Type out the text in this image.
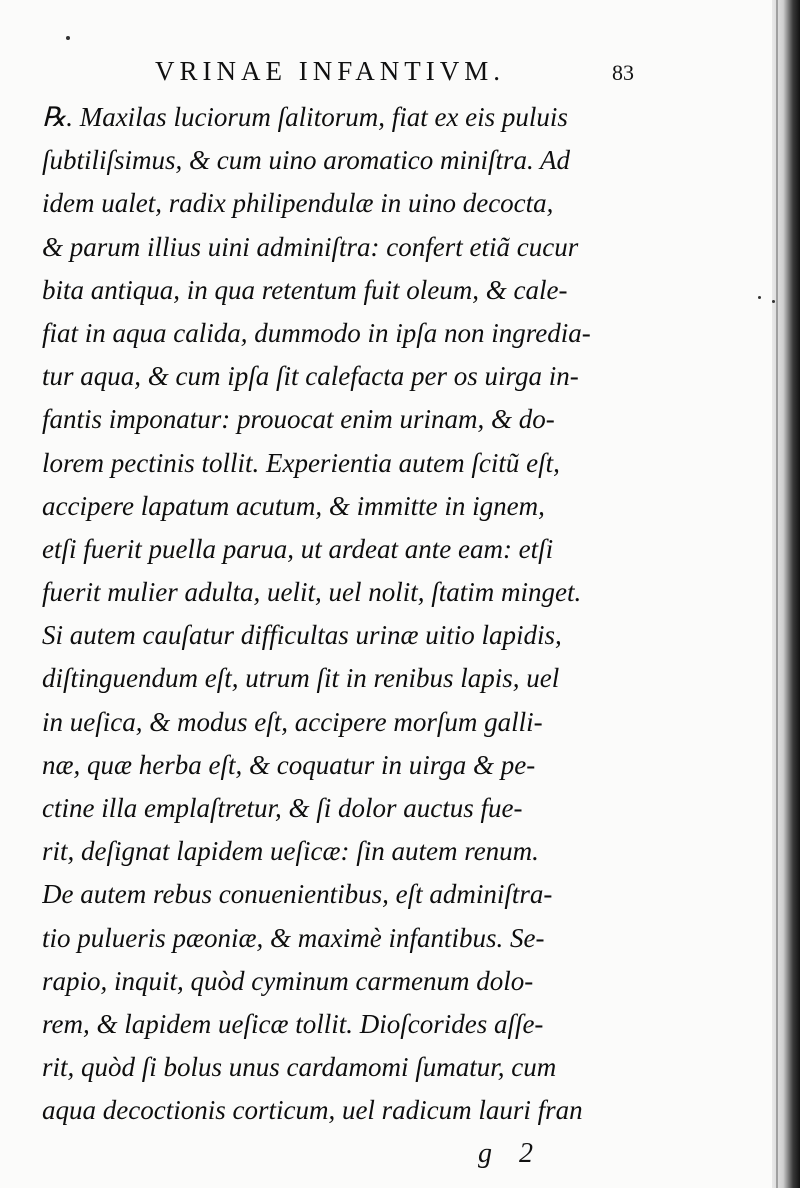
VRINAE INFANTIVM.	83
℞. Maxilas luciorum ſalitorum, fiat ex eis puluis
ſubtiliſsimus, & cum uino aromatico miniſtra. Ad
idem ualet, radix philipendulæ in uino decocta,
& parum illius uini adminiſtra: confert etiã cucur
bita antiqua, in qua retentum fuit oleum, & cale-
fiat in aqua calida, dummodo in ipſa non ingredia-
tur aqua, & cum ipſa ſit calefacta per os uirga in-
fantis imponatur: prouocat enim urinam, & do-
lorem pectinis tollit. Experientia autem ſcitũ eſt,
accipere lapatum acutum, & immitte in ignem,
etſi fuerit puella parua, ut ardeat ante eam: etſi
fuerit mulier adulta, uelit, uel nolit, ſtatim minget.
Si autem cauſatur difficultas urinæ uitio lapidis,
diſtinguendum eſt, utrum ſit in renibus lapis, uel
in ueſica, & modus eſt, accipere morſum galli-
næ, quæ herba eſt, & coquatur in uirga & pe-
ctine illa emplaſtretur, & ſi dolor auctus fue-
rit, deſignat lapidem ueſicæ: ſin autem renum.
De autem rebus conuenientibus, eſt adminiſtra-
tio pulueris pæoniæ, & maximè infantibus. Se-
rapio, inquit, quòd cyminum carmenum dolo-
rem, & lapidem ueſicæ tollit. Dioſcorides aſſe-
rit, quòd ſi bolus unus cardamomi ſumatur, cum
aqua decoctionis corticum, uel radicum lauri fran
g 2
